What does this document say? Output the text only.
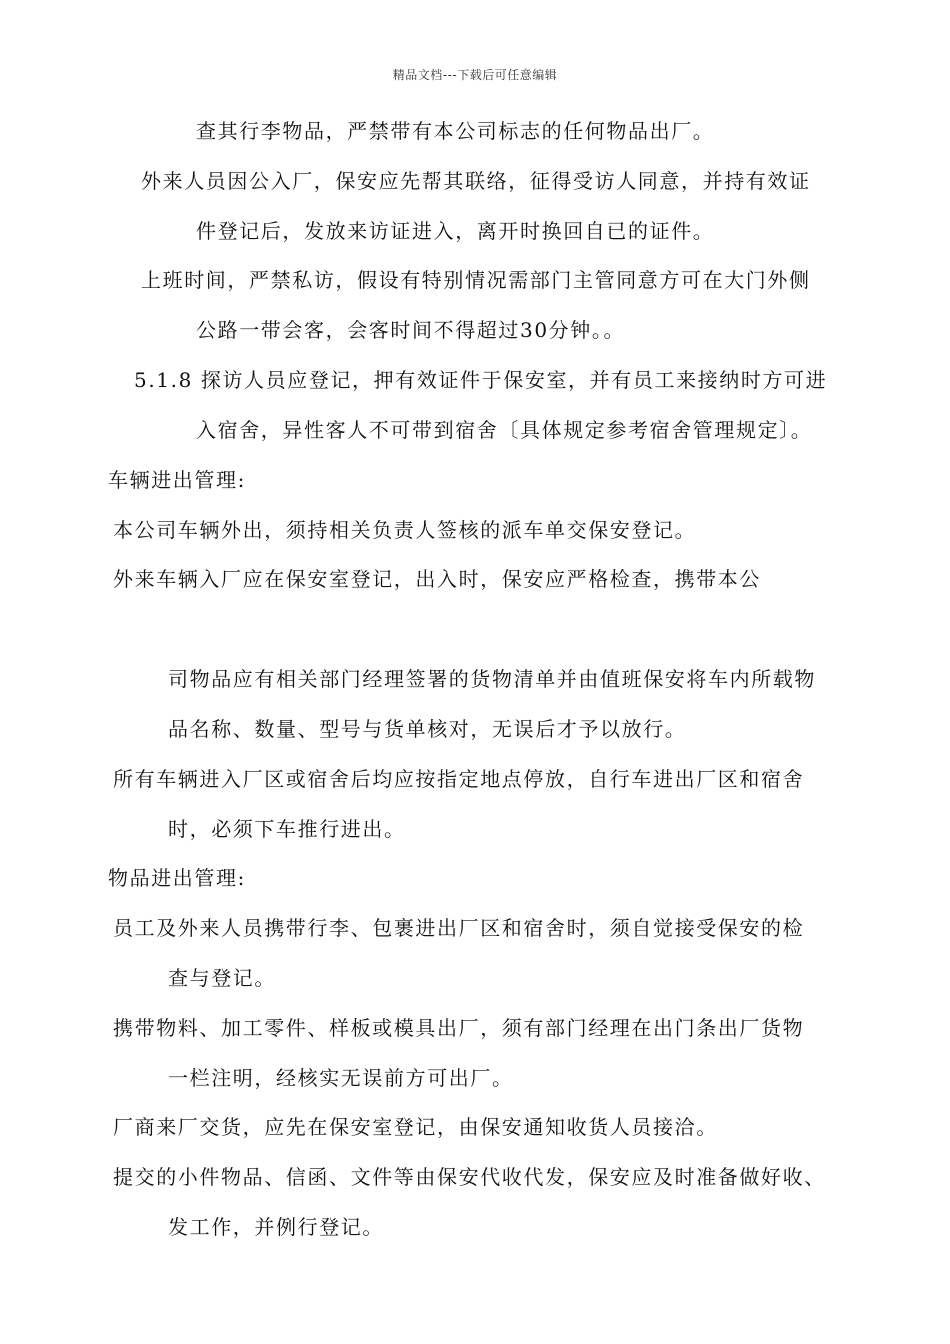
精品文档---下载后可任意编辑
查其行李物品，严禁带有本公司标志的任何物品出厂。
外来人员因公入厂，保安应先帮其联络，征得受访人同意，并持有效证
件登记后，发放来访证进入，离开时换回自已的证件。
上班时间，严禁私访，假设有特别情况需部门主管同意方可在大门外侧
公路一带会客，会客时间不得超过30分钟。。
5.1.8 探访人员应登记，押有效证件于保安室，并有员工来接纳时方可进
入宿舍，异性客人不可带到宿舍〔具体规定参考宿舍管理规定〕。
车辆进出管理:
本公司车辆外出，须持相关负责人签核的派车单交保安登记。
外来车辆入厂应在保安室登记，出入时，保安应严格检查，携带本公
司物品应有相关部门经理签署的货物清单并由值班保安将车内所载物
品名称、数量、型号与货单核对，无误后才予以放行。
所有车辆进入厂区或宿舍后均应按指定地点停放，自行车进出厂区和宿舍
时，必须下车推行进出。
物品进出管理:
员工及外来人员携带行李、包裹进出厂区和宿舍时，须自觉接受保安的检
查与登记。
携带物料、加工零件、样板或模具出厂，须有部门经理在出门条出厂货物
一栏注明，经核实无误前方可出厂。
厂商来厂交货，应先在保安室登记，由保安通知收货人员接洽。
提交的小件物品、信函、文件等由保安代收代发，保安应及时准备做好收、
发工作，并例行登记。
